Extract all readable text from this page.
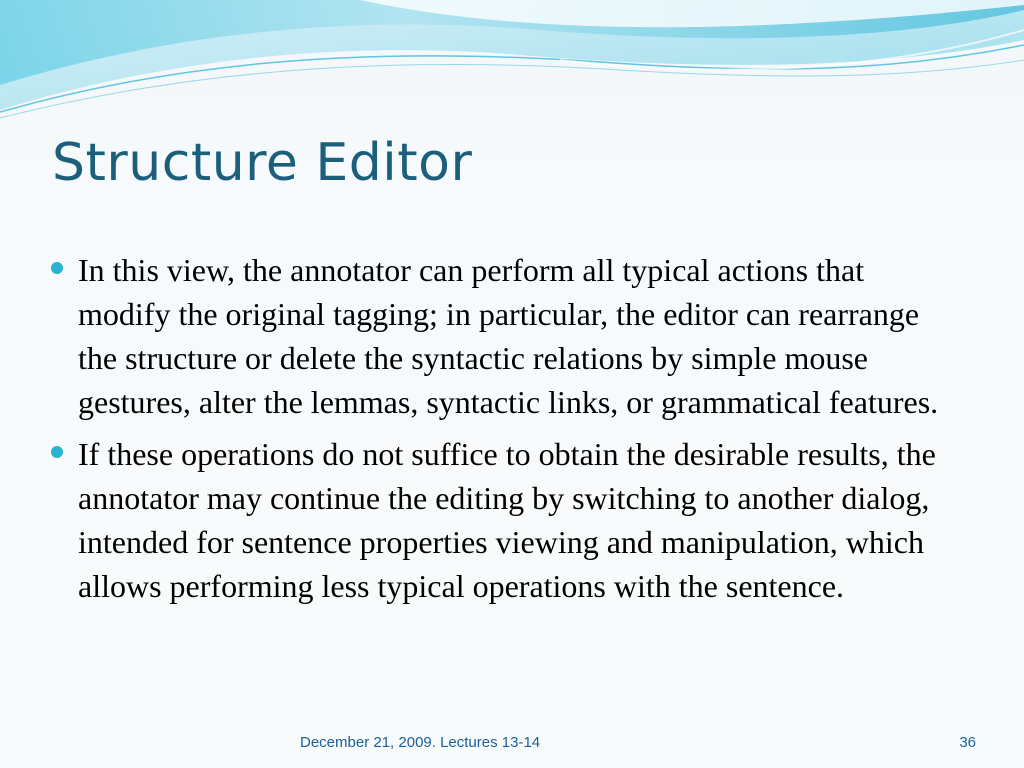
Structure Editor
In this view, the annotator can perform all typical actions that modify the original tagging; in particular, the editor can rearrange the structure or delete the syntactic relations by simple mouse gestures, alter the lemmas, syntactic links, or grammatical features.
If these operations do not suffice to obtain the desirable results, the annotator may continue the editing by switching to another dialog, intended for sentence properties viewing and manipulation, which allows performing less typical operations with the sentence.
December 21, 2009. Lectures 13-14	36
